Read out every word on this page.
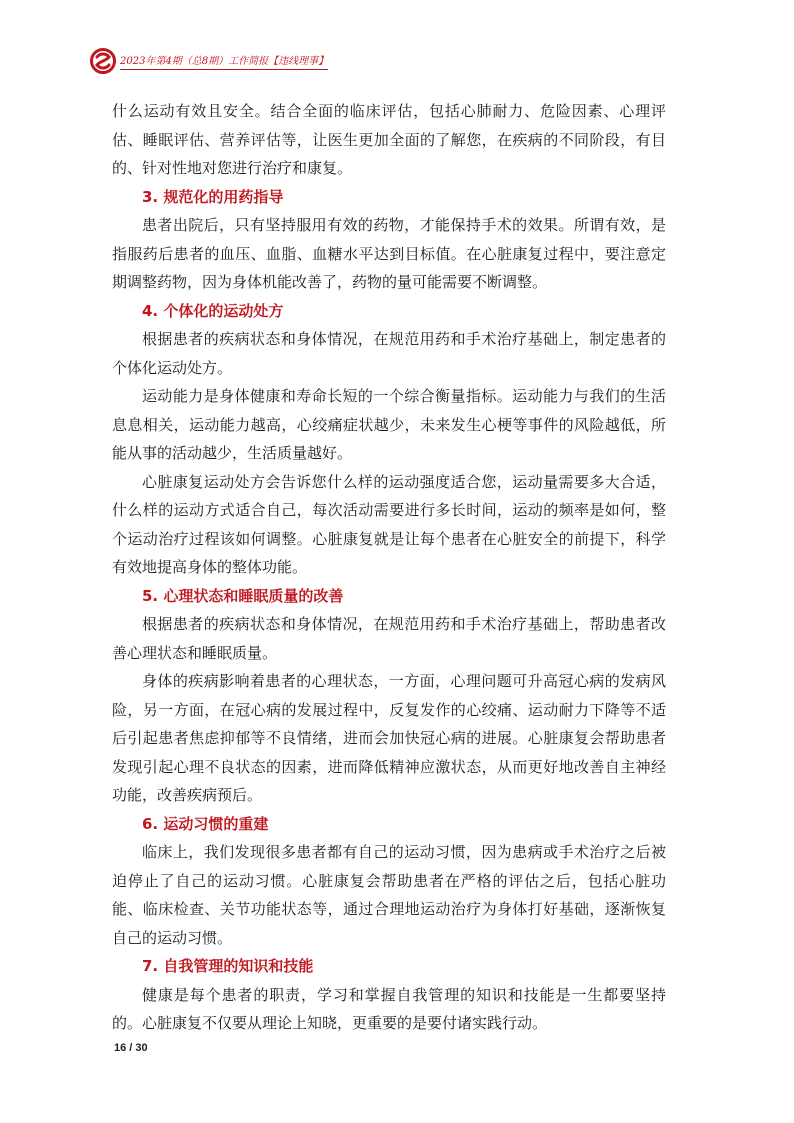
2023年第4期（总8期）工作简报【违线理事】

什么运动有效且安全。结合全面的临床评估，包括心肺耐力、危险因素、心理评估、睡眠评估、营养评估等，让医生更加全面的了解您，在疾病的不同阶段，有目的、针对性地对您进行治疗和康复。

3. 规范化的用药指导

患者出院后，只有坚持服用有效的药物，才能保持手术的效果。所谓有效，是指服药后患者的血压、血脂、血糖水平达到目标值。在心脏康复过程中，要注意定期调整药物，因为身体机能改善了，药物的量可能需要不断调整。

4. 个体化的运动处方

根据患者的疾病状态和身体情况，在规范用药和手术治疗基础上，制定患者的个体化运动处方。

运动能力是身体健康和寿命长短的一个综合衡量指标。运动能力与我们的生活息息相关，运动能力越高，心绞痛症状越少，未来发生心梗等事件的风险越低，所能从事的活动越少，生活质量越好。

心脏康复运动处方会告诉您什么样的运动强度适合您，运动量需要多大合适，什么样的运动方式适合自己，每次活动需要进行多长时间，运动的频率是如何，整个运动治疗过程该如何调整。心脏康复就是让每个患者在心脏安全的前提下，科学有效地提高身体的整体功能。

5. 心理状态和睡眠质量的改善

根据患者的疾病状态和身体情况，在规范用药和手术治疗基础上，帮助患者改善心理状态和睡眠质量。

身体的疾病影响着患者的心理状态，一方面，心理问题可升高冠心病的发病风险，另一方面，在冠心病的发展过程中，反复发作的心绞痛、运动耐力下降等不适后引起患者焦虑抑郁等不良情绪，进而会加快冠心病的进展。心脏康复会帮助患者发现引起心理不良状态的因素，进而降低精神应激状态，从而更好地改善自主神经功能，改善疾病预后。

6. 运动习惯的重建

临床上，我们发现很多患者都有自己的运动习惯，因为患病或手术治疗之后被迫停止了自己的运动习惯。心脏康复会帮助患者在严格的评估之后，包括心脏功能、临床检查、关节功能状态等，通过合理地运动治疗为身体打好基础，逐渐恢复自己的运动习惯。

7. 自我管理的知识和技能

健康是每个患者的职责，学习和掌握自我管理的知识和技能是一生都要坚持的。心脏康复不仅要从理论上知晓，更重要的是要付诸实践行动。

16 / 30
